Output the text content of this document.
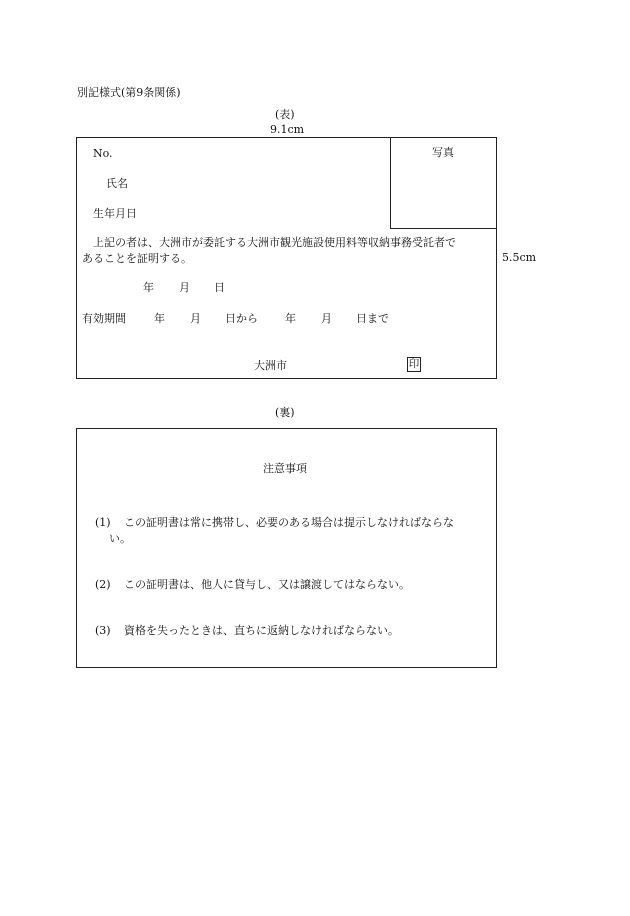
別記様式(第9条関係)
(表)
9.1cm
5.5cm
写真
No.
氏名
生年月日
上記の者は、大洲市が委託する大洲市観光施設使用料等収納事務受託者で
あることを証明する。
年 月 日
有効期間	年 月 日から 年 月 日まで
大洲市	印
(裏)
注意事項
(1) この証明書は常に携帯し、必要のある場合は提示しなければならな
い。
(2) この証明書は、他人に貸与し、又は譲渡してはならない。
(3) 資格を失ったときは、直ちに返納しなければならない。
